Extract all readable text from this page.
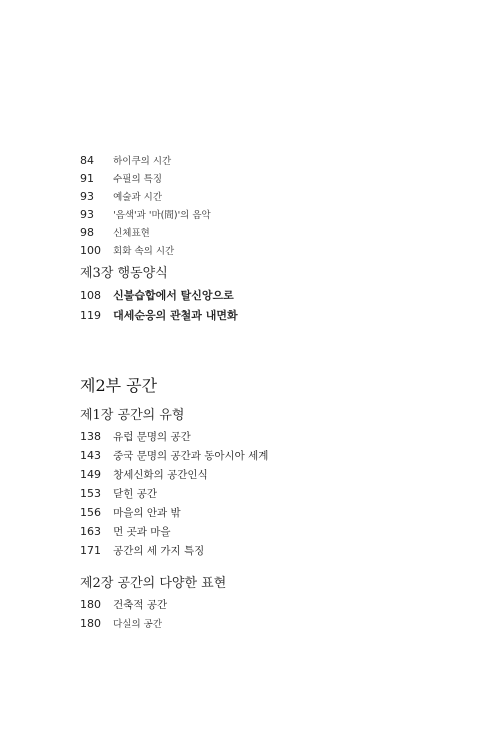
84 하이쿠의 시간
91 수필의 특징
93 예술과 시간
93 '음색'과 '마(間)'의 음악
98 신체표현
100 회화 속의 시간
제3장 행동양식
108 신불습합에서 탈신앙으로
119 대세순응의 관철과 내면화
제2부 공간
제1장 공간의 유형
138 유럽 문명의 공간
143 중국 문명의 공간과 동아시아 세계
149 창세신화의 공간인식
153 닫힌 공간
156 마을의 안과 밖
163 먼 곳과 마을
171 공간의 세 가지 특징
제2장 공간의 다양한 표현
180 건축적 공간
180 다실의 공간
